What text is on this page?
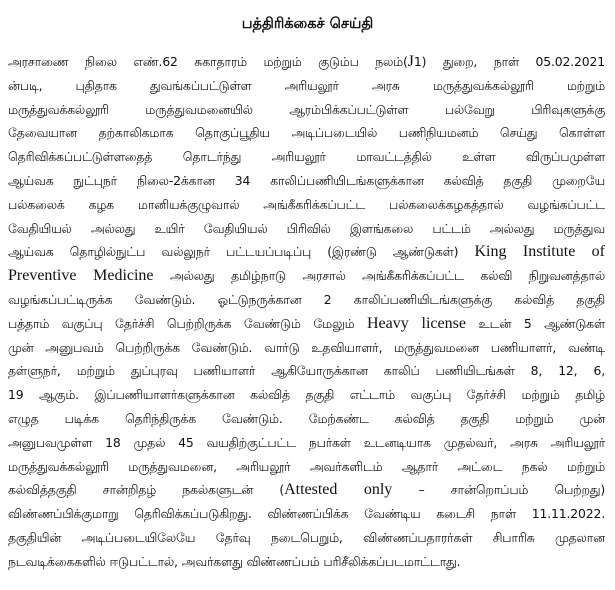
பத்திரிக்கைச் செய்தி
அரசாணை நிலை எண்.62 சுகாதாரம் மற்றும் குடும்ப நலம்(J1) துறை, நாள் 05.02.2021
ன்படி, புதிதாக துவங்கப்பட்டுள்ள அரியலூர் அரசு மருத்துவக்கல்லூரி மற்றும்
மருத்துவக்கல்லூரி மருத்துவமனையில் ஆரம்பிக்கப்பட்டுள்ள பல்வேறு பிரிவுகளுக்கு
தேவையான தற்காலிகமாக தொகுப்பூதிய அடிப்படையில் பணிநியமனம் செய்து கொள்ள
தெரிவிக்கப்பட்டுள்ளதைத் தொடர்ந்து அரியலூர் மாவட்டத்தில் உள்ள விருப்பமுள்ள
ஆய்வக நுட்புநர் நிலை-2க்கான 34 காலிப்பணியிடங்களுக்கான கல்வித் தகுதி முறையே
பல்கலைக் கழக மானியக்குழுவால் அங்கீகரிக்கப்பட்ட பல்கலைக்கழகத்தால் வழங்கப்பட்ட
வேதியியல் அல்லது உயிர் வேதியியல் பிரிவில் இளங்கலை பட்டம் அல்லது மருத்துவ
ஆய்வக தொழில்நுட்ப வல்லுநர் பட்டயப்படிப்பு (இரண்டு ஆண்டுகள்) King Institute of
Preventive Medicine அல்லது தமிழ்நாடு அரசால் அங்கீகரிக்கப்பட்ட கல்வி நிறுவனத்தால்
வழங்கப்பட்டிருக்க வேண்டும். ஓட்டுநருக்கான 2 காலிப்பணியிடங்களுக்கு கல்வித் தகுதி
பத்தாம் வகுப்பு தேர்ச்சி பெற்றிருக்க வேண்டும் மேலும் Heavy license உடன் 5 ஆண்டுகள்
முன் அனுபவம் பெற்றிருக்க வேண்டும். வார்டு உதவியாளர், மருத்துவமனை பணியாளர், வண்டி
தள்ளுநர், மற்றும் துப்புரவு பணியாளர் ஆகியோருக்கான காலிப் பணியிடங்கள் 8, 12, 6,
19 ஆகும். இப்பணியாளர்களுக்கான கல்வித் தகுதி எட்டாம் வகுப்பு தேர்ச்சி மற்றும் தமிழ்
எழுத படிக்க தெரிந்திருக்க வேண்டும். மேற்கண்ட கல்வித் தகுதி மற்றும் முன்
அனுபவமுள்ள 18 முதல் 45 வயதிற்குட்பட்ட நபர்கள் உடனடியாக முதல்வர், அரசு அரியலூர்
மருத்துவக்கல்லூரி மருத்துவமனை, அரியலூர் அவர்களிடம் ஆதார் அட்டை நகல் மற்றும்
கல்வித்தகுதி சான்றிதழ் நகல்களுடன் (Attested only – சான்றொப்பம் பெற்றது)
விண்ணப்பிக்குமாறு தெரிவிக்கப்படுகிறது. விண்ணப்பிக்க வேண்டிய கடைசி நாள் 11.11.2022.
தகுதியின் அடிப்படையிலேயே தேர்வு நடைபெறும், விண்ணப்பதாரர்கள் சிபாரிசு முதலான
நடவடிக்கைகளில் ஈடுபட்டால், அவர்களது விண்ணப்பம் பரிசீலிக்கப்படமாட்டாது.
